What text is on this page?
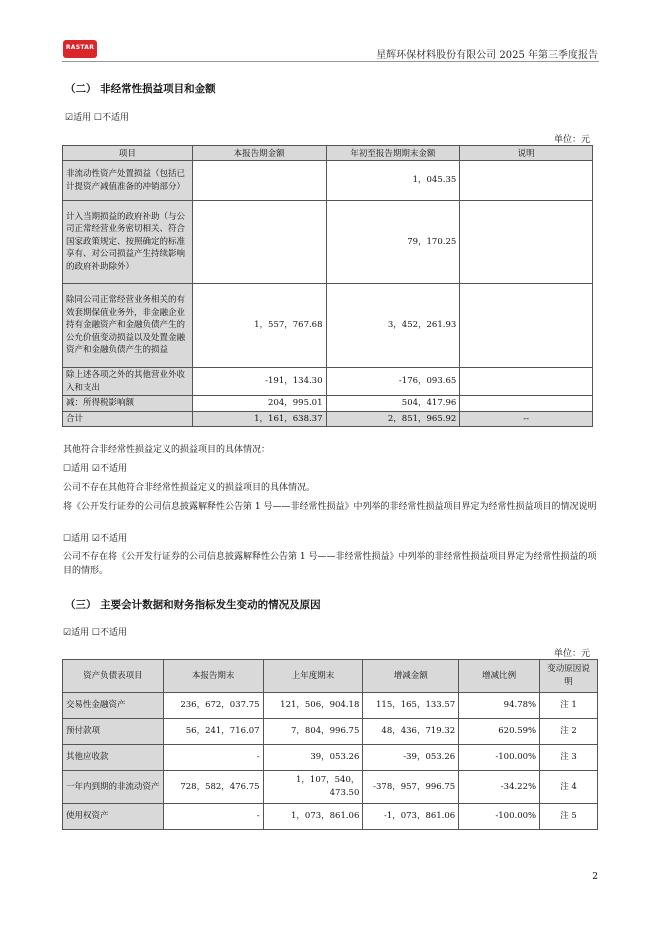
RASTAR
星辉环保材料股份有限公司 2025 年第三季度报告
（二） 非经常性损益项目和金额
☑适用 ☐不适用
单位：元
项目	本报告期金额	年初至报告期期末金额	说明
非流动性资产处置损益（包括已计提资产减值准备的冲销部分）		1，045.35	
计入当期损益的政府补助（与公司正常经营业务密切相关、符合国家政策规定、按照确定的标准享有、对公司损益产生持续影响的政府补助除外）		79，170.25	
除同公司正常经营业务相关的有效套期保值业务外，非金融企业持有金融资产和金融负债产生的公允价值变动损益以及处置金融资产和金融负债产生的损益	1，557，767.68	3，452，261.93	
除上述各项之外的其他营业外收入和支出	-191，134.30	-176，093.65	
减：所得税影响额	204，995.01	504，417.96	
合计	1，161，638.37	2，851，965.92	--
其他符合非经常性损益定义的损益项目的具体情况：
☐适用 ☑不适用
公司不存在其他符合非经常性损益定义的损益项目的具体情况。
将《公开发行证券的公司信息披露解释性公告第 1 号——非经常性损益》中列举的非经常性损益项目界定为经常性损益项目的情况说明
☐适用 ☑不适用
公司不存在将《公开发行证券的公司信息披露解释性公告第 1 号——非经常性损益》中列举的非经常性损益项目界定为经常性损益的项目的情形。
（三） 主要会计数据和财务指标发生变动的情况及原因
☑适用 ☐不适用
单位：元
资产负债表项目	本报告期末	上年度期末	增减金额	增减比例	变动原因说明
交易性金融资产	236，672，037.75	121，506，904.18	115，165，133.57	94.78%	注 1
预付款项	56，241，716.07	7，804，996.75	48，436，719.32	620.59%	注 2
其他应收款	-	39，053.26	-39，053.26	-100.00%	注 3
一年内到期的非流动资产	728，582，476.75	1，107，540，473.50	-378，957，996.75	-34.22%	注 4
使用权资产	-	1，073，861.06	-1，073，861.06	-100.00%	注 5
2
